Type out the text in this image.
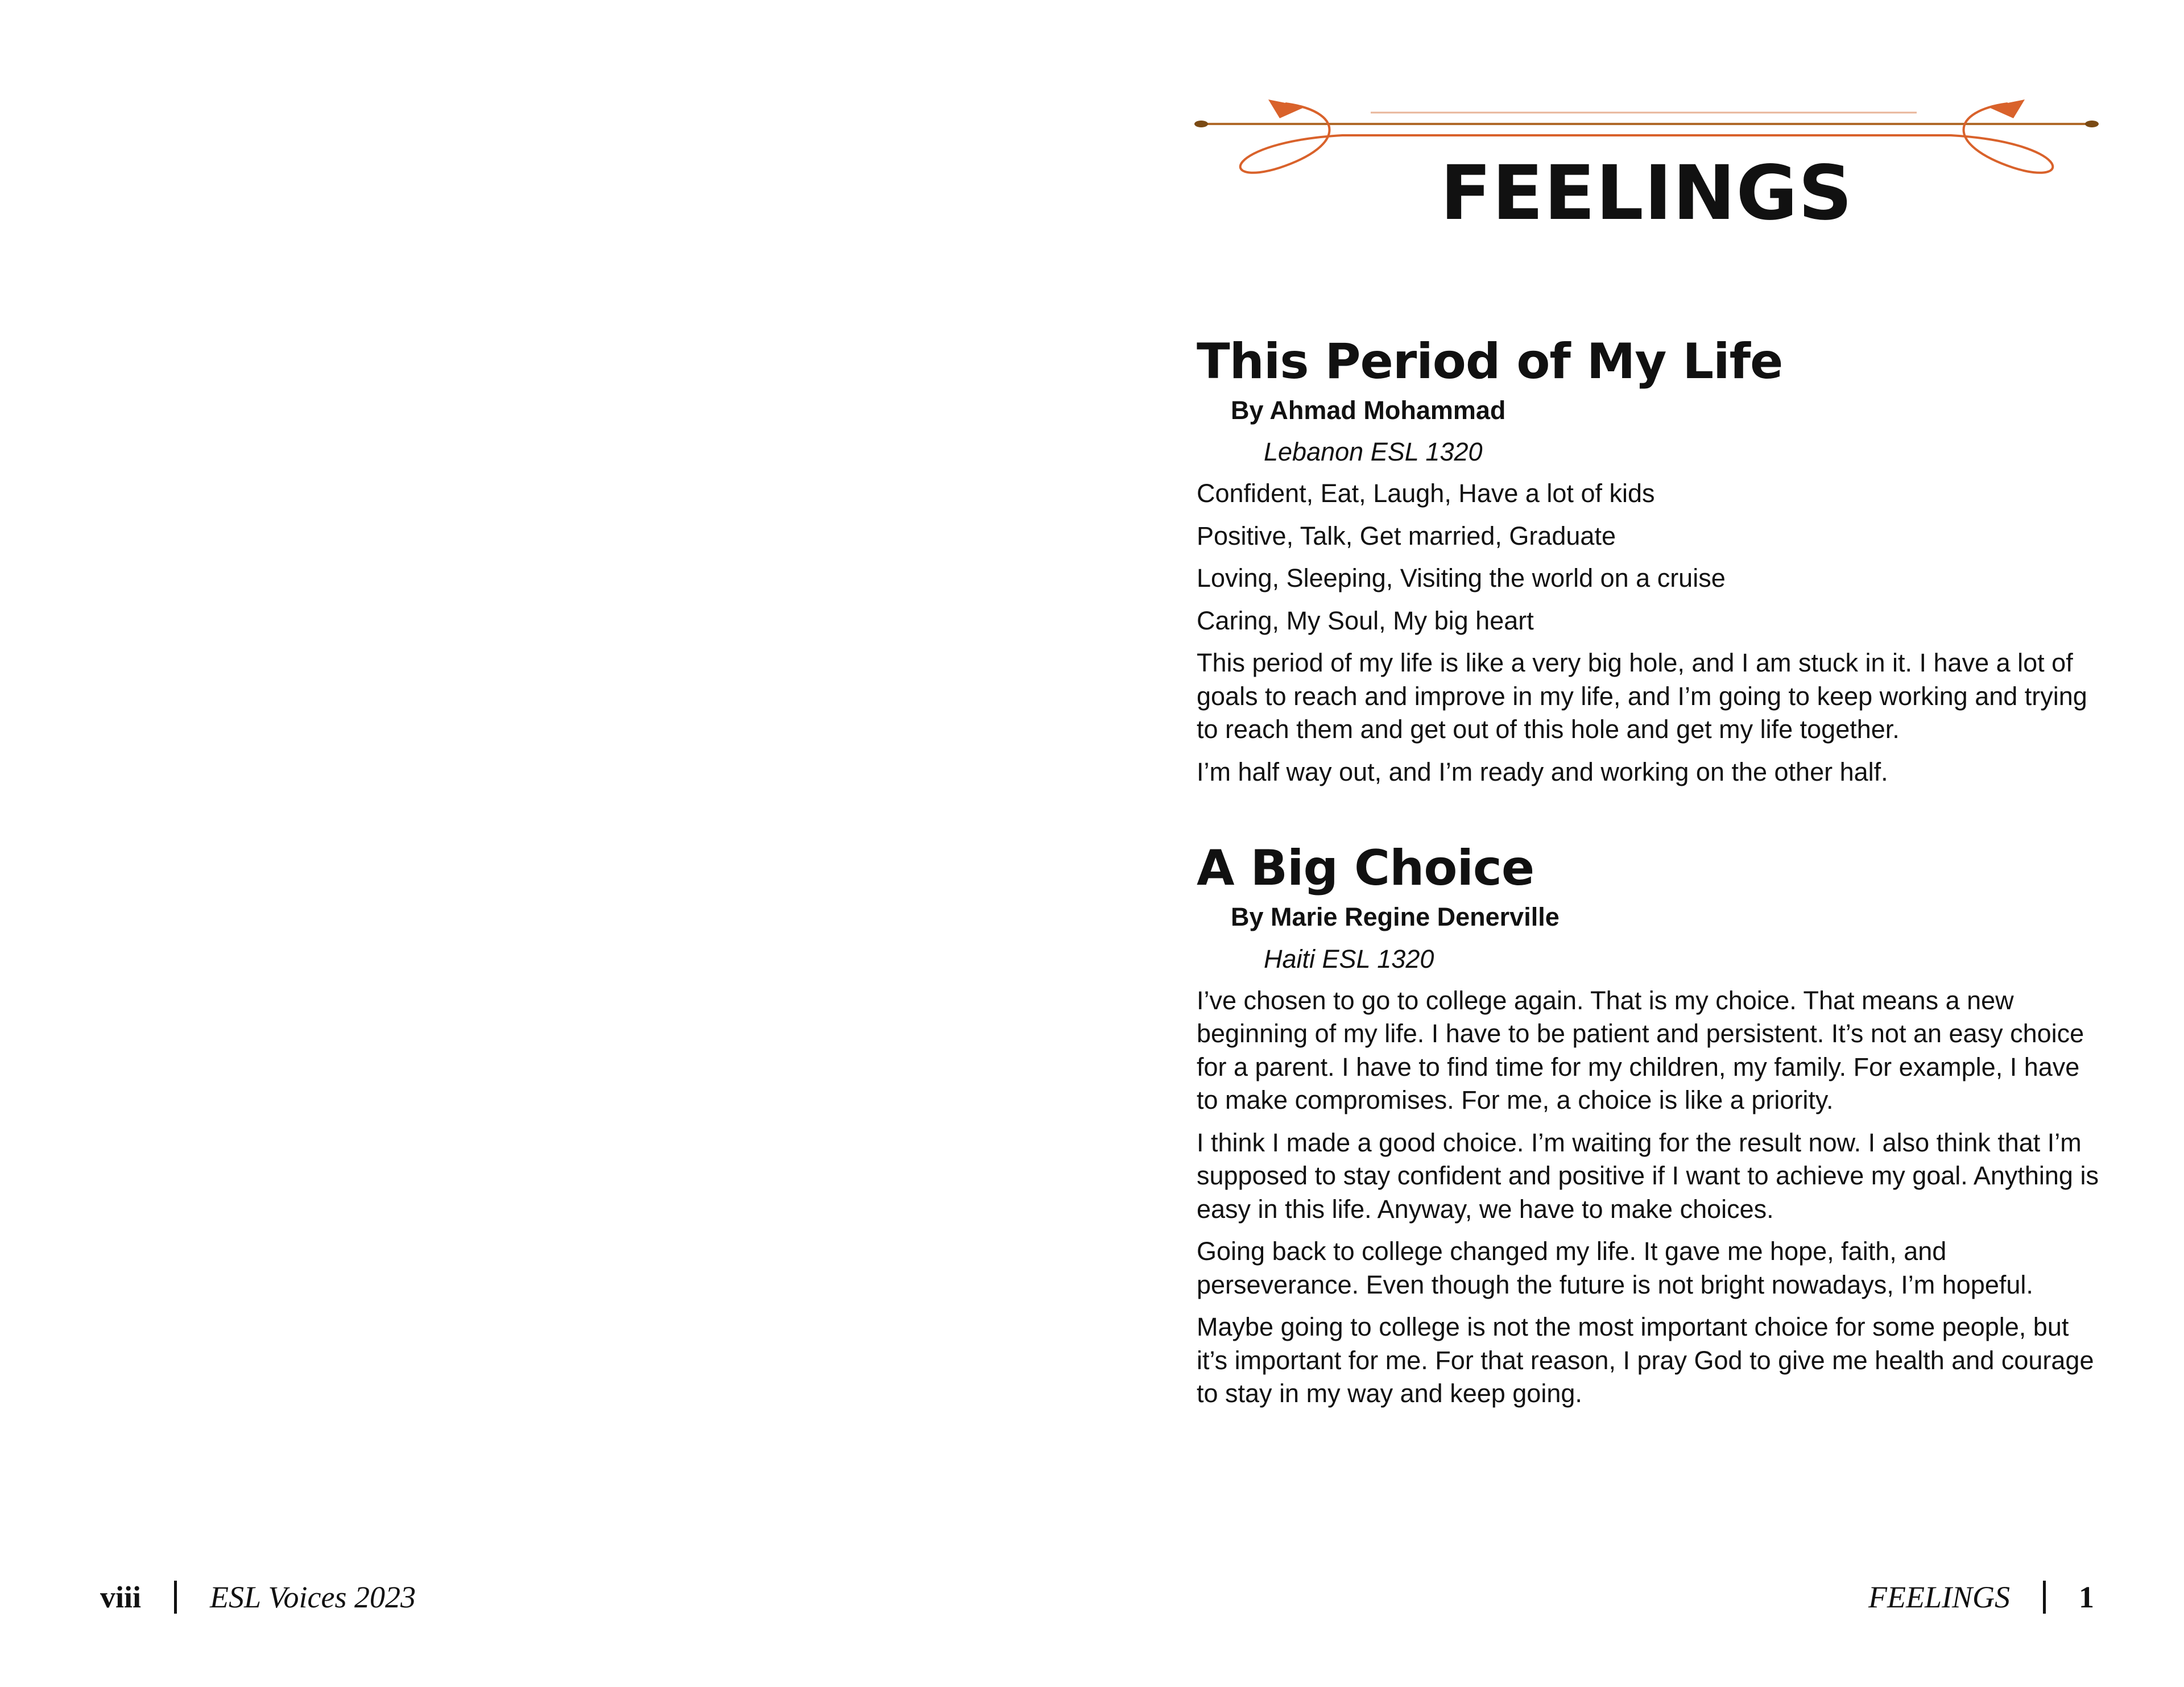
FEELINGS
This Period of My Life
By Ahmad Mohammad
Lebanon ESL 1320

Confident, Eat, Laugh, Have a lot of kids

Positive, Talk, Get married, Graduate

Loving, Sleeping, Visiting the world on a cruise

Caring, My Soul, My big heart

This period of my life is like a very big hole, and I am stuck in it. I have a lot of goals to reach and improve in my life, and I’m going to keep working and trying to reach them and get out of this hole and get my life together.

I’m half way out, and I’m ready and working on the other half.

A Big Choice
By Marie Regine Denerville
Haiti ESL 1320

I’ve chosen to go to college again. That is my choice. That means a new beginning of my life. I have to be patient and persistent. It’s not an easy choice for a parent. I have to find time for my children, my family. For example, I have to make compromises. For me, a choice is like a priority.

I think I made a good choice. I’m waiting for the result now. I also think that I’m supposed to stay confident and positive if I want to achieve my goal. Anything is easy in this life. Anyway, we have to make choices.

Going back to college changed my life. It gave me hope, faith, and perseverance. Even though the future is not bright nowadays, I’m hopeful.

Maybe going to college is not the most important choice for some people, but it’s important for me. For that reason, I pray God to give me health and courage to stay in my way and keep going.

viii ESL Voices 2023	FEELINGS 1
